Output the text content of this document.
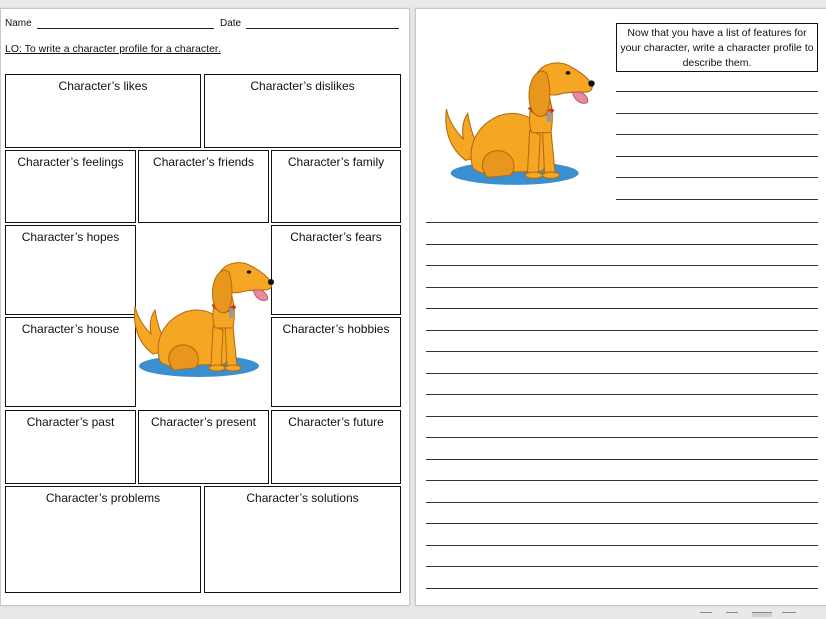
Name	Date
LO: To write a character profile for a character.
Character’s likes	Character’s dislikes
Character’s feelings	Character’s friends	Character’s family
Character’s hopes	Character’s fears
Character’s house	Character’s hobbies
Character’s past	Character’s present	Character’s future
Character’s problems	Character’s solutions
Now that you have a list of features for your character, write a character profile to describe them.
